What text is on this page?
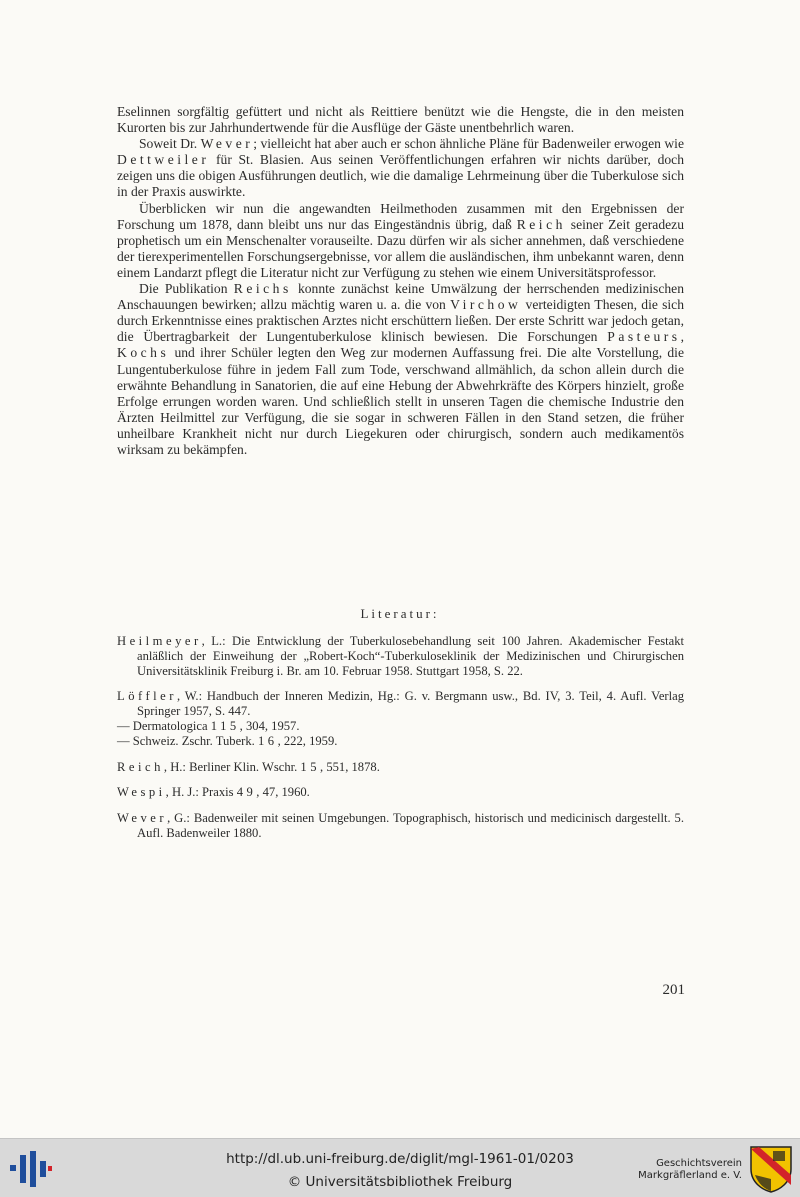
Eselinnen sorgfältig gefüttert und nicht als Reittiere benützt wie die Hengste, die in den meisten Kurorten bis zur Jahrhundertwende für die Ausflüge der Gäste unentbehrlich waren.

Soweit Dr. Wever; vielleicht hat aber auch er schon ähnliche Pläne für Badenweiler erwogen wie Dettweiler für St. Blasien. Aus seinen Veröffentlichungen erfahren wir nichts darüber, doch zeigen uns die obigen Ausführungen deutlich, wie die damalige Lehrmeinung über die Tuberkulose sich in der Praxis auswirkte.

Überblicken wir nun die angewandten Heilmethoden zusammen mit den Ergebnissen der Forschung um 1878, dann bleibt uns nur das Eingeständnis übrig, daß Reich seiner Zeit geradezu prophetisch um ein Menschenalter vorauseilte. Dazu dürfen wir als sicher annehmen, daß verschiedene der tierexperimentellen Forschungsergebnisse, vor allem die ausländischen, ihm unbekannt waren, denn einem Landarzt pflegt die Literatur nicht zur Verfügung zu stehen wie einem Universitätsprofessor.

Die Publikation Reichs konnte zunächst keine Umwälzung der herrschenden medizinischen Anschauungen bewirken; allzu mächtig waren u. a. die von Virchow verteidigten Thesen, die sich durch Erkenntnisse eines praktischen Arztes nicht erschüttern ließen. Der erste Schritt war jedoch getan, die Übertragbarkeit der Lungentuberkulose klinisch bewiesen. Die Forschungen Pasteurs, Kochs und ihrer Schüler legten den Weg zur modernen Auffassung frei. Die alte Vorstellung, die Lungentuberkulose führe in jedem Fall zum Tode, verschwand allmählich, da schon allein durch die erwähnte Behandlung in Sanatorien, die auf eine Hebung der Abwehrkräfte des Körpers hinzielt, große Erfolge errungen worden waren. Und schließlich stellt in unseren Tagen die chemische Industrie den Ärzten Heilmittel zur Verfügung, die sie sogar in schweren Fällen in den Stand setzen, die früher unheilbare Krankheit nicht nur durch Liegekuren oder chirurgisch, sondern auch medikamentös wirksam zu bekämpfen.

Literatur:
Heilmeyer, L.: Die Entwicklung der Tuberkulosebehandlung seit 100 Jahren. Akademischer Festakt anläßlich der Einweihung der „Robert-Koch“-Tuberkuloseklinik der Medizinischen und Chirurgischen Universitätsklinik Freiburg i. Br. am 10. Februar 1958. Stuttgart 1958, S. 22.
Löffler, W.: Handbuch der Inneren Medizin, Hg.: G. v. Bergmann usw., Bd. IV, 3. Teil, 4. Aufl. Verlag Springer 1957, S. 447.
— Dermatologica 115, 304, 1957.
— Schweiz. Zschr. Tuberk. 16, 222, 1959.
Reich, H.: Berliner Klin. Wschr. 15, 551, 1878.
Wespi, H. J.: Praxis 49, 47, 1960.
Wever, G.: Badenweiler mit seinen Umgebungen. Topographisch, historisch und medicinisch dargestellt. 5. Aufl. Badenweiler 1880.
201
http://dl.ub.uni-freiburg.de/diglit/mgl-1961-01/0203
© Universitätsbibliothek Freiburg
Geschichtsverein
Markgräflerland e. V.
